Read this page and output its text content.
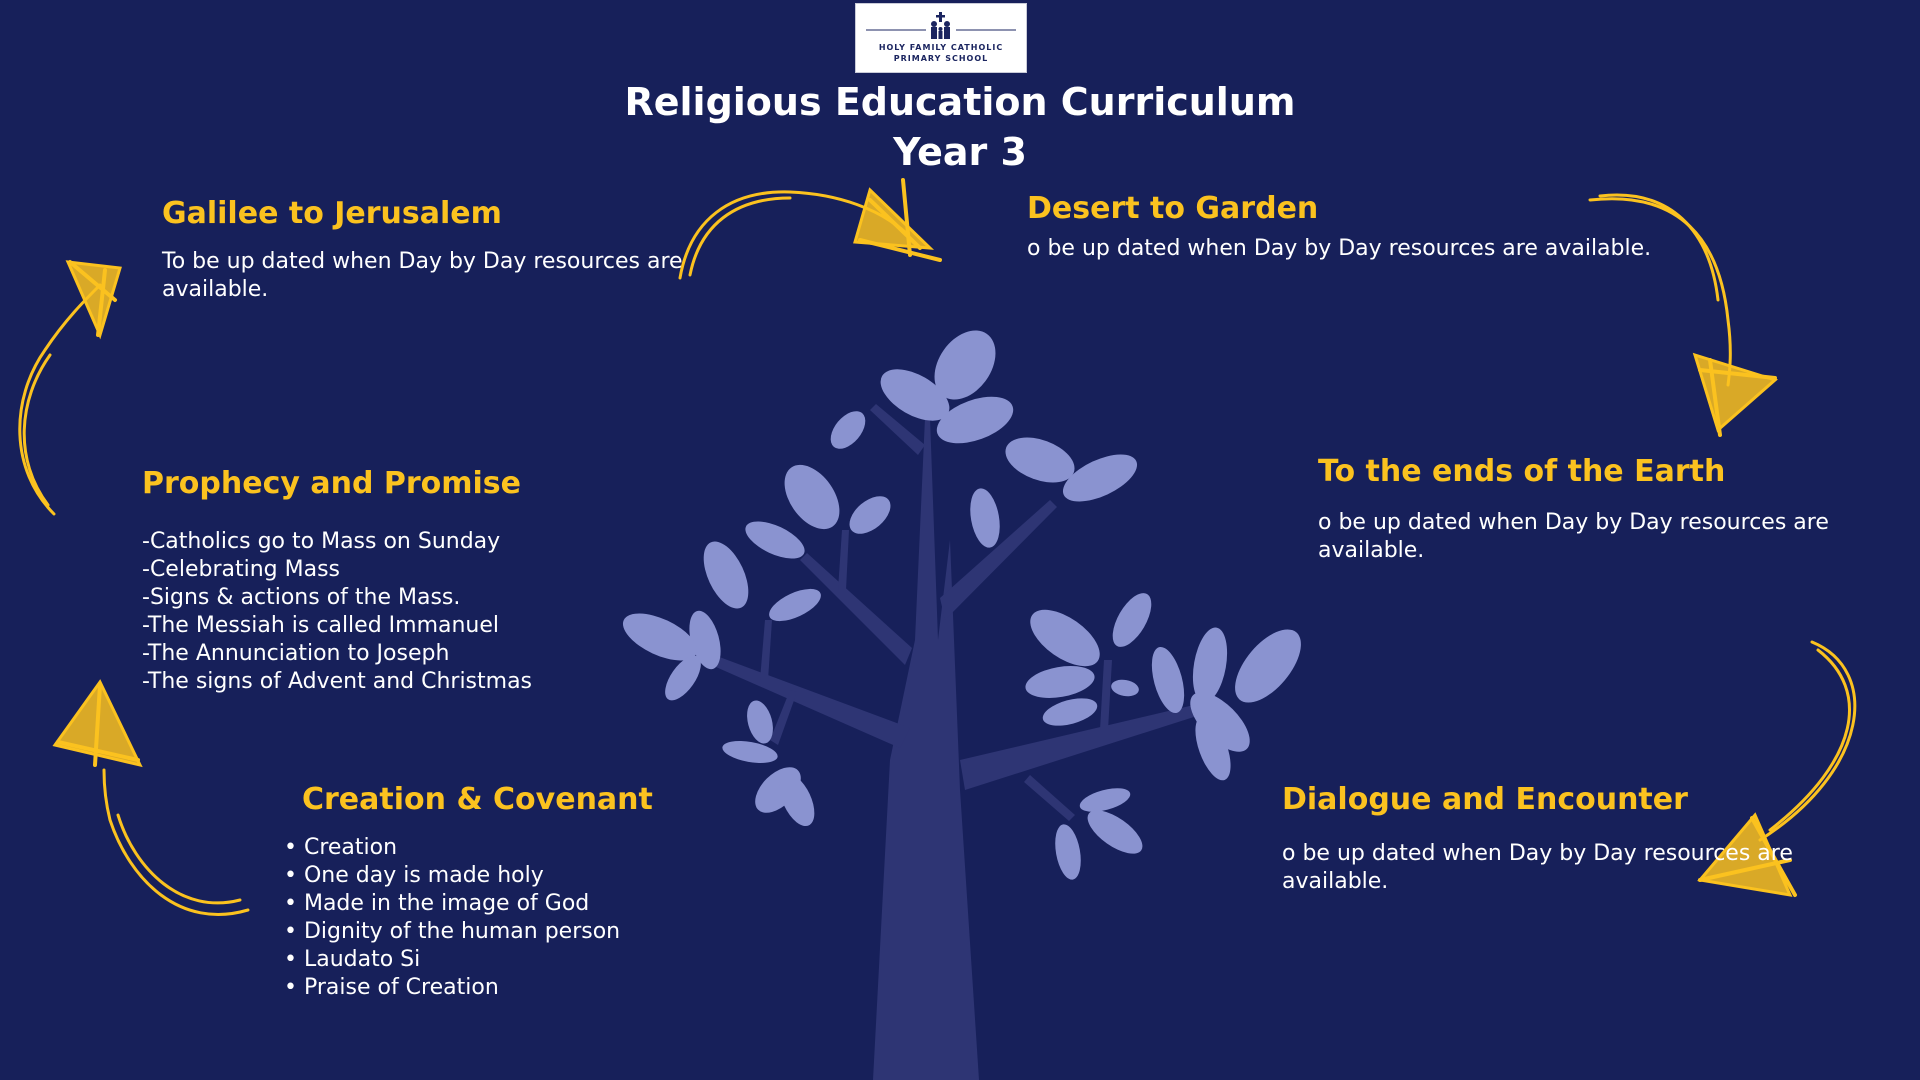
HOLY FAMILY CATHOLIC
PRIMARY SCHOOL
Religious Education Curriculum
Year 3
Galilee to Jerusalem
To be up dated when Day by Day resources are available.
Desert to Garden
o be up dated when Day by Day resources are available.
To the ends of the Earth
o be up dated when Day by Day resources are available.
Prophecy and Promise
-Catholics go to Mass on Sunday
-Celebrating Mass
-Signs & actions of the Mass.
-The Messiah is called Immanuel
-The Annunciation to Joseph
-The signs of Advent and Christmas
Creation & Covenant
• Creation
• One day is made holy
• Made in the image of God
• Dignity of the human person
• Laudato Si
• Praise of Creation
Dialogue and Encounter
o be up dated when Day by Day resources are available.
